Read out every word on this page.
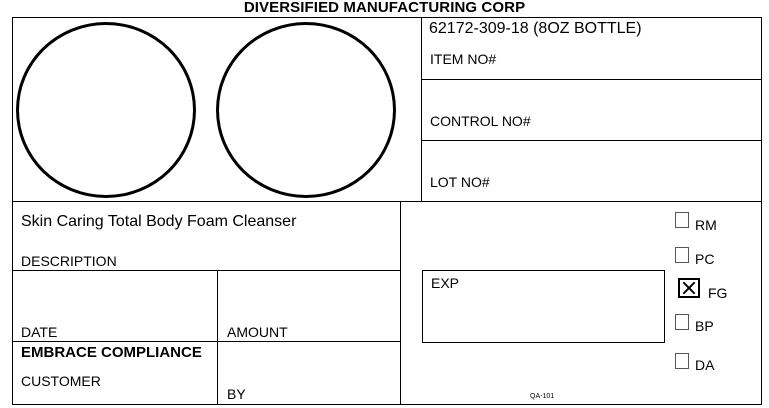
DIVERSIFIED MANUFACTURING CORP
62172-309-18 (8OZ BOTTLE)
ITEM NO#
CONTROL NO#
LOT NO#
Skin Caring Total Body Foam Cleanser
DESCRIPTION
DATE	AMOUNT
EMBRACE COMPLIANCE
CUSTOMER
BY
EXP
RM
PC
FG
BP
DA
QA-101
